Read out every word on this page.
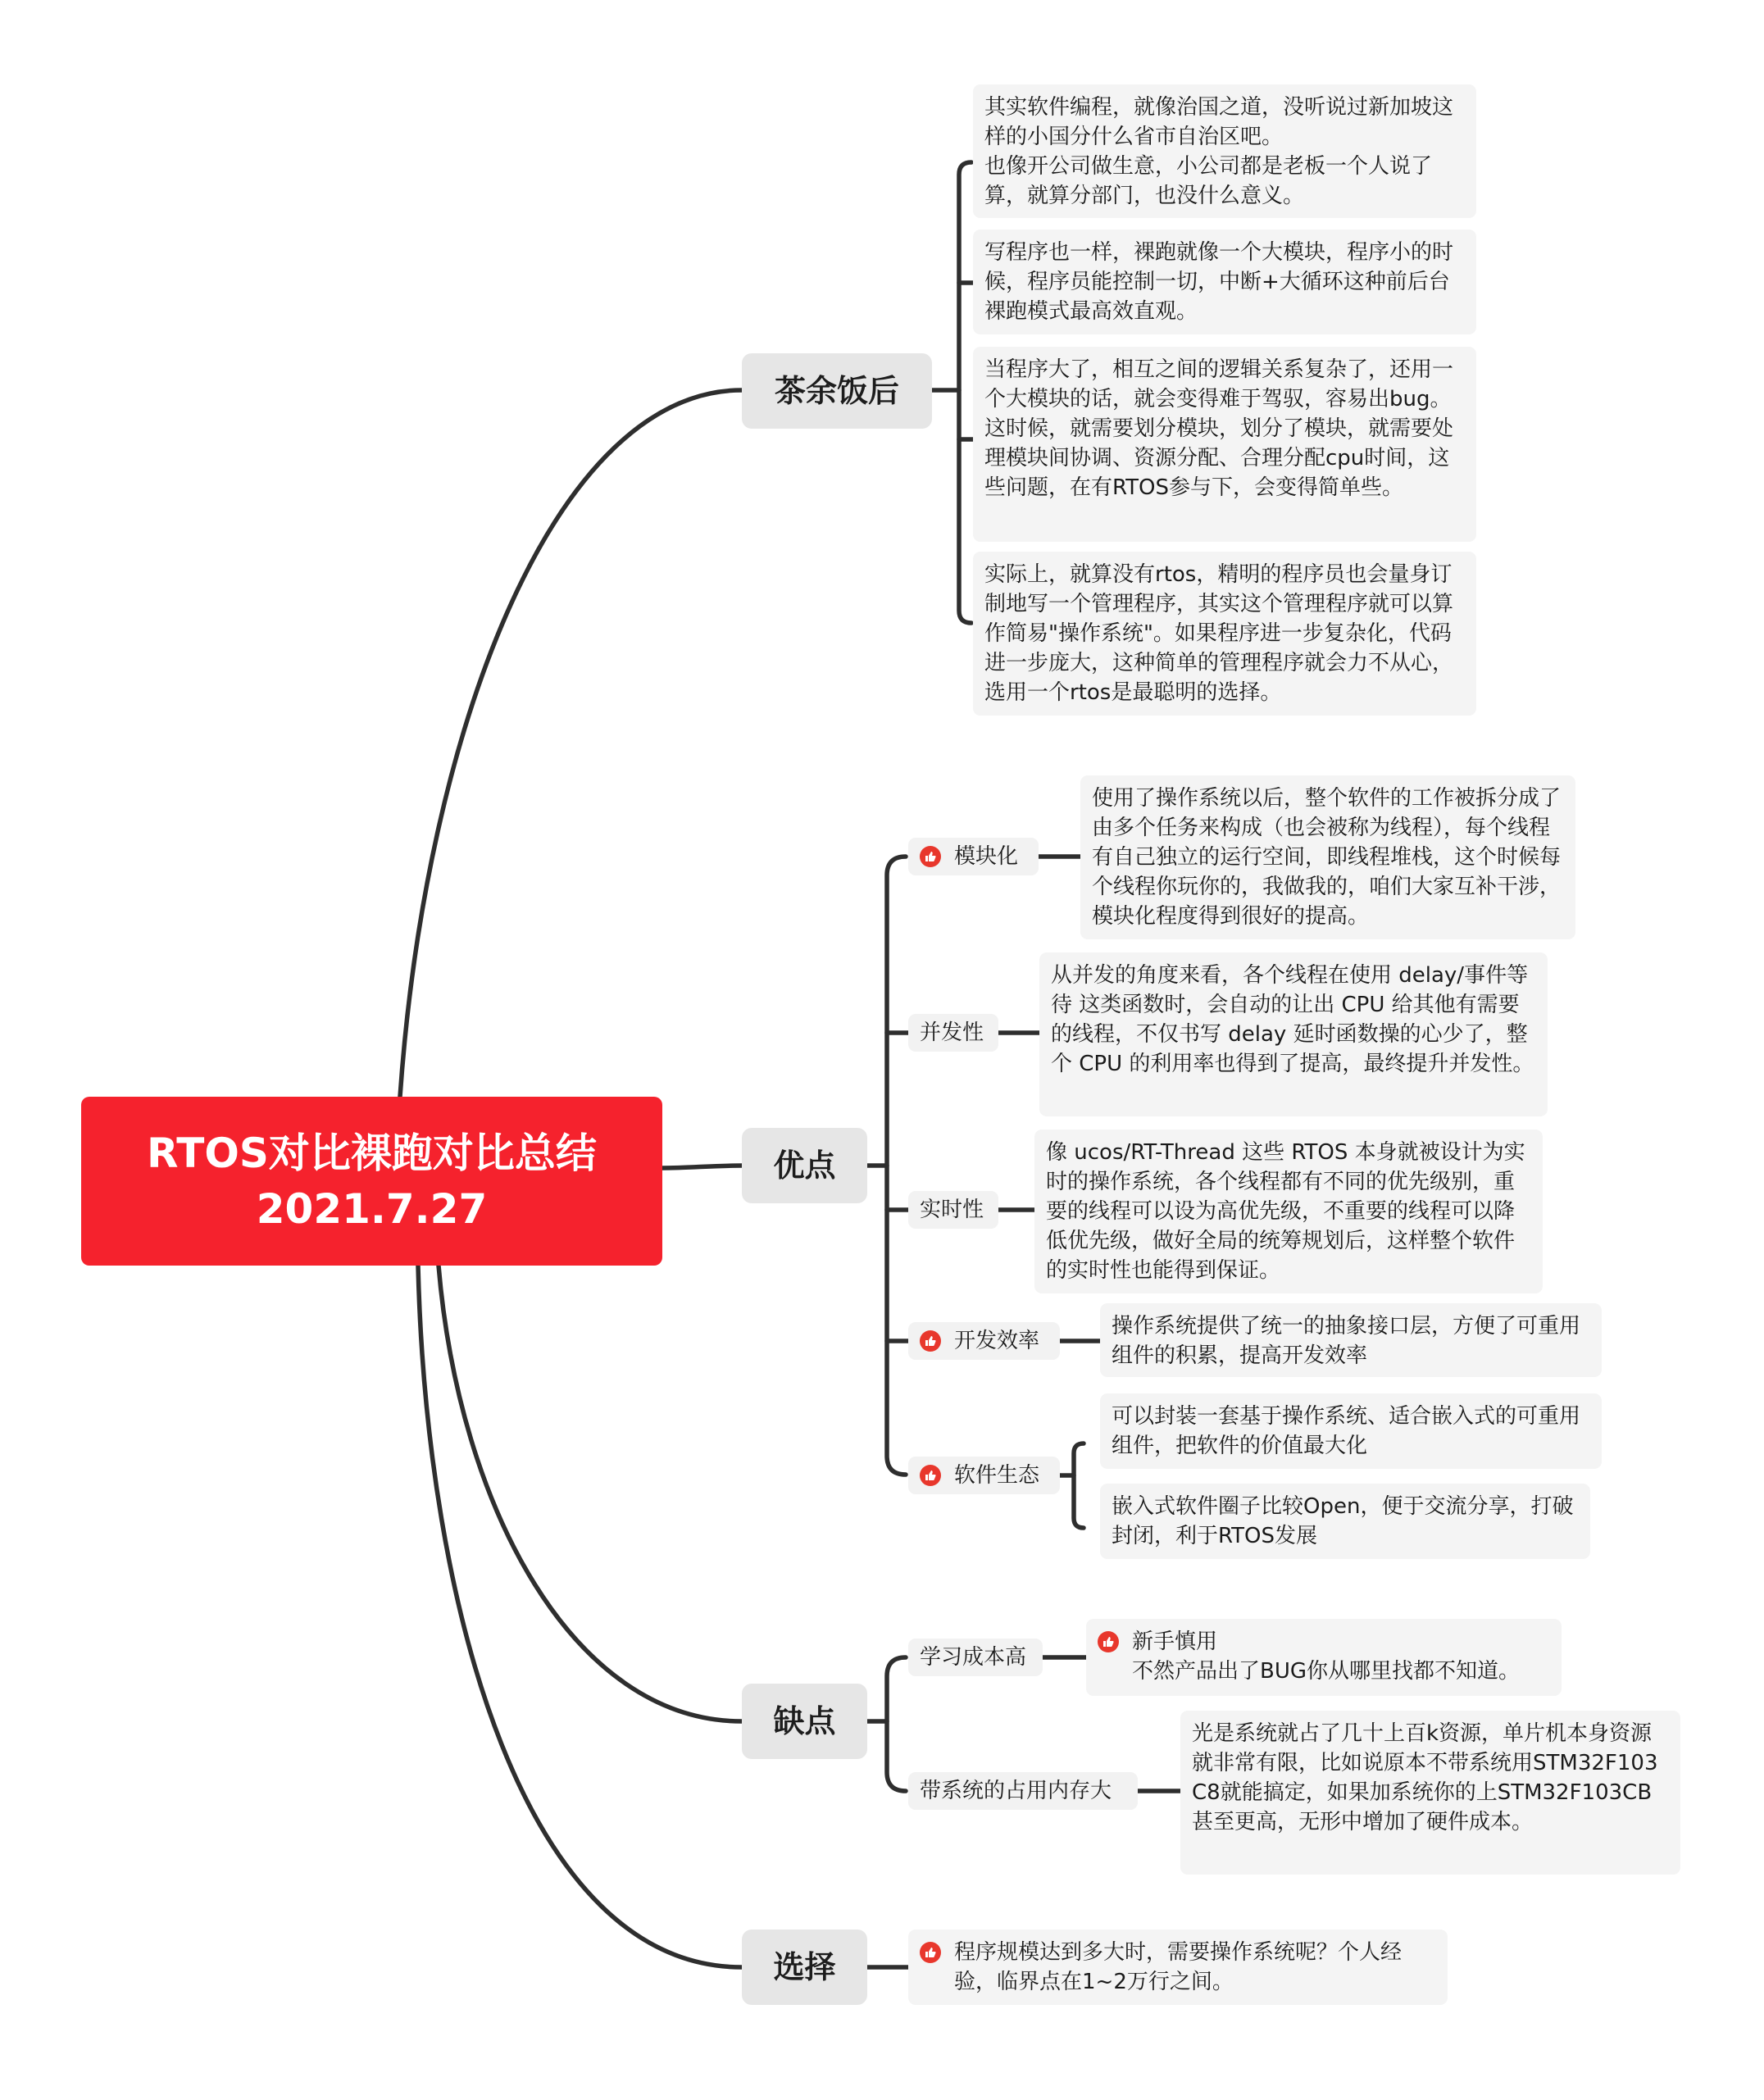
RTOS对比裸跑对比总结
2021.7.27
茶余饭后
其实软件编程，就像治国之道，没听说过新加坡这样的小国分什么省市自治区吧。
也像开公司做生意，小公司都是老板一个人说了算，就算分部门，也没什么意义。
写程序也一样，裸跑就像一个大模块，程序小的时候，程序员能控制一切，中断+大循环这种前后台裸跑模式最高效直观。
当程序大了，相互之间的逻辑关系复杂了，还用一个大模块的话，就会变得难于驾驭，容易出bug。这时候，就需要划分模块，划分了模块，就需要处理模块间协调、资源分配、合理分配cpu时间，这些问题，在有RTOS参与下，会变得简单些。
实际上，就算没有rtos，精明的程序员也会量身订制地写一个管理程序，其实这个管理程序就可以算作简易"操作系统"。如果程序进一步复杂化，代码进一步庞大，这种简单的管理程序就会力不从心，选用一个rtos是最聪明的选择。
优点
模块化
使用了操作系统以后，整个软件的工作被拆分成了由多个任务来构成（也会被称为线程），每个线程有自己独立的运行空间，即线程堆栈，这个时候每个线程你玩你的，我做我的，咱们大家互补干涉，模块化程度得到很好的提高。
并发性
从并发的角度来看，各个线程在使用 delay/事件等待 这类函数时，会自动的让出 CPU 给其他有需要的线程，不仅书写 delay 延时函数操的心少了，整个 CPU 的利用率也得到了提高，最终提升并发性。
实时性
像 ucos/RT-Thread 这些 RTOS 本身就被设计为实时的操作系统，各个线程都有不同的优先级别，重要的线程可以设为高优先级，不重要的线程可以降低优先级，做好全局的统筹规划后，这样整个软件的实时性也能得到保证。
开发效率
操作系统提供了统一的抽象接口层，方便了可重用组件的积累，提高开发效率
软件生态
可以封装一套基于操作系统、适合嵌入式的可重用组件，把软件的价值最大化
嵌入式软件圈子比较Open，便于交流分享，打破封闭，利于RTOS发展
缺点
学习成本高
新手慎用
不然产品出了BUG你从哪里找都不知道。
带系统的占用内存大
光是系统就占了几十上百k资源，单片机本身资源就非常有限，比如说原本不带系统用STM32F103C8就能搞定，如果加系统你的上STM32F103CB甚至更高，无形中增加了硬件成本。
选择	程序规模达到多大时，需要操作系统呢？个人经验，临界点在1~2万行之间。
